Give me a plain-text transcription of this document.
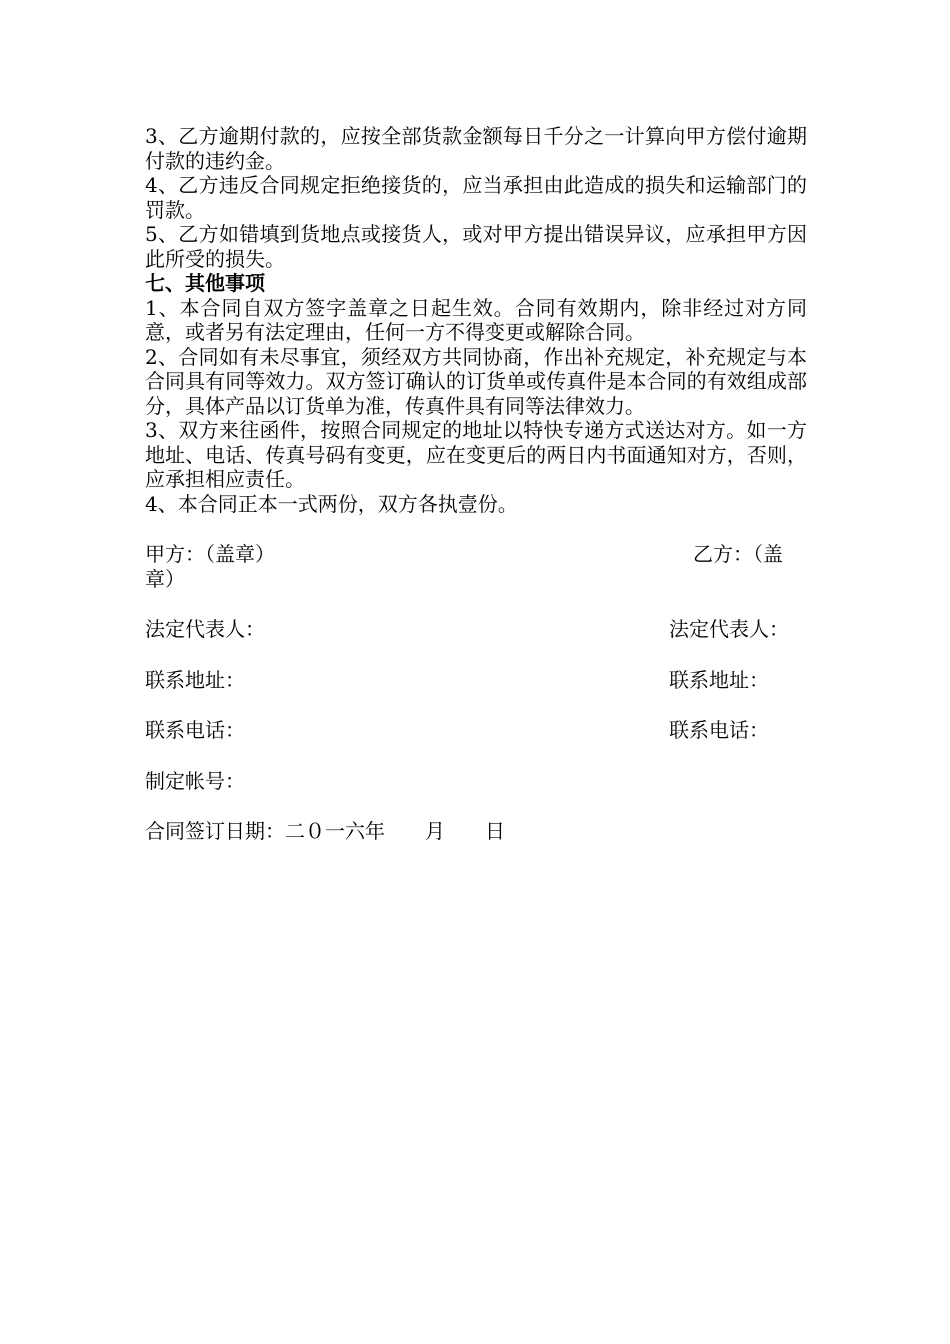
3、乙方逾期付款的，应按全部货款金额每日千分之一计算向甲方偿付逾期付款的违约金。

4、乙方违反合同规定拒绝接货的，应当承担由此造成的损失和运输部门的罚款。

5、乙方如错填到货地点或接货人，或对甲方提出错误异议，应承担甲方因此所受的损失。

七、其他事项

1、本合同自双方签字盖章之日起生效。合同有效期内，除非经过对方同意，或者另有法定理由，任何一方不得变更或解除合同。

2、合同如有未尽事宜，须经双方共同协商，作出补充规定，补充规定与本合同具有同等效力。双方签订确认的订货单或传真件是本合同的有效组成部分，具体产品以订货单为准，传真件具有同等法律效力。

3、双方来往函件，按照合同规定的地址以特快专递方式送达对方。如一方地址、电话、传真号码有变更，应在变更后的两日内书面通知对方，否则，应承担相应责任。

4、本合同正本一式两份，双方各执壹份。

甲方：（盖章）	乙方：（盖
章）
法定代表人：	法定代表人：
联系地址：	联系地址：
联系电话：	联系电话：
制定帐号：
合同签订日期：二０一六年　　月　　日
